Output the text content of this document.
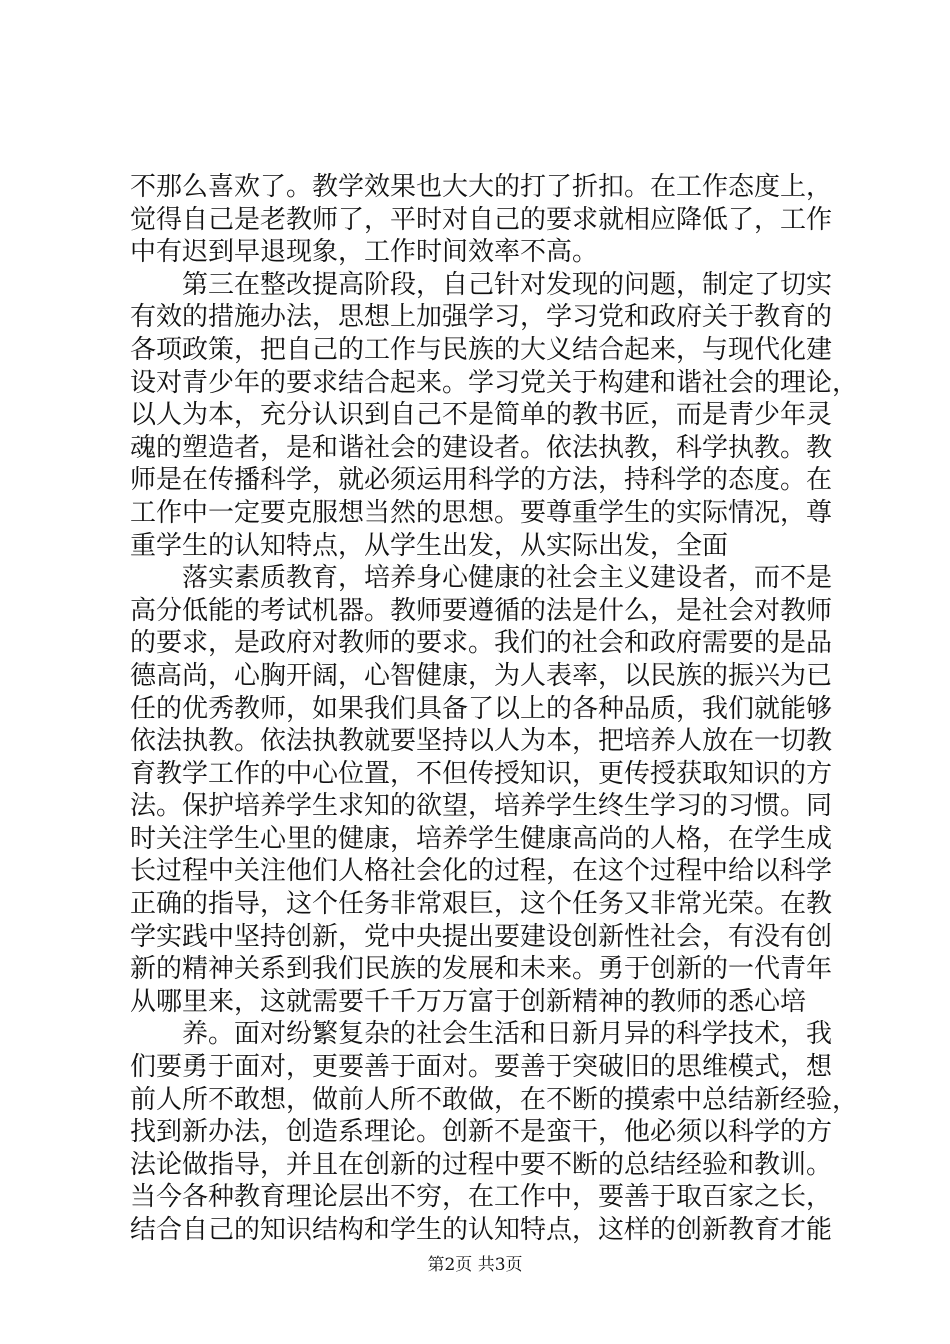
不那么喜欢了。教学效果也大大的打了折扣。在工作态度上，
觉得自己是老教师了，平时对自己的要求就相应降低了，工作
中有迟到早退现象，工作时间效率不高。
　　第三在整改提高阶段，自己针对发现的问题，制定了切实
有效的措施办法，思想上加强学习，学习党和政府关于教育的
各项政策，把自己的工作与民族的大义结合起来，与现代化建
设对青少年的要求结合起来。学习党关于构建和谐社会的理论，
以人为本，充分认识到自己不是简单的教书匠，而是青少年灵
魂的塑造者，是和谐社会的建设者。依法执教，科学执教。教
师是在传播科学，就必须运用科学的方法，持科学的态度。在
工作中一定要克服想当然的思想。要尊重学生的实际情况，尊
重学生的认知特点，从学生出发，从实际出发，全面
　　落实素质教育，培养身心健康的社会主义建设者，而不是
高分低能的考试机器。教师要遵循的法是什么，是社会对教师
的要求，是政府对教师的要求。我们的社会和政府需要的是品
德高尚，心胸开阔，心智健康，为人表率，以民族的振兴为已
任的优秀教师，如果我们具备了以上的各种品质，我们就能够
依法执教。依法执教就要坚持以人为本，把培养人放在一切教
育教学工作的中心位置，不但传授知识，更传授获取知识的方
法。保护培养学生求知的欲望，培养学生终生学习的习惯。同
时关注学生心里的健康，培养学生健康高尚的人格，在学生成
长过程中关注他们人格社会化的过程，在这个过程中给以科学
正确的指导，这个任务非常艰巨，这个任务又非常光荣。在教
学实践中坚持创新，党中央提出要建设创新性社会，有没有创
新的精神关系到我们民族的发展和未来。勇于创新的一代青年
从哪里来，这就需要千千万万富于创新精神的教师的悉心培
　　养。面对纷繁复杂的社会生活和日新月异的科学技术，我
们要勇于面对，更要善于面对。要善于突破旧的思维模式，想
前人所不敢想，做前人所不敢做，在不断的摸索中总结新经验，
找到新办法，创造系理论。创新不是蛮干，他必须以科学的方
法论做指导，并且在创新的过程中要不断的总结经验和教训。
当今各种教育理论层出不穷，在工作中，要善于取百家之长，
结合自己的知识结构和学生的认知特点，这样的创新教育才能
第2页 共3页
